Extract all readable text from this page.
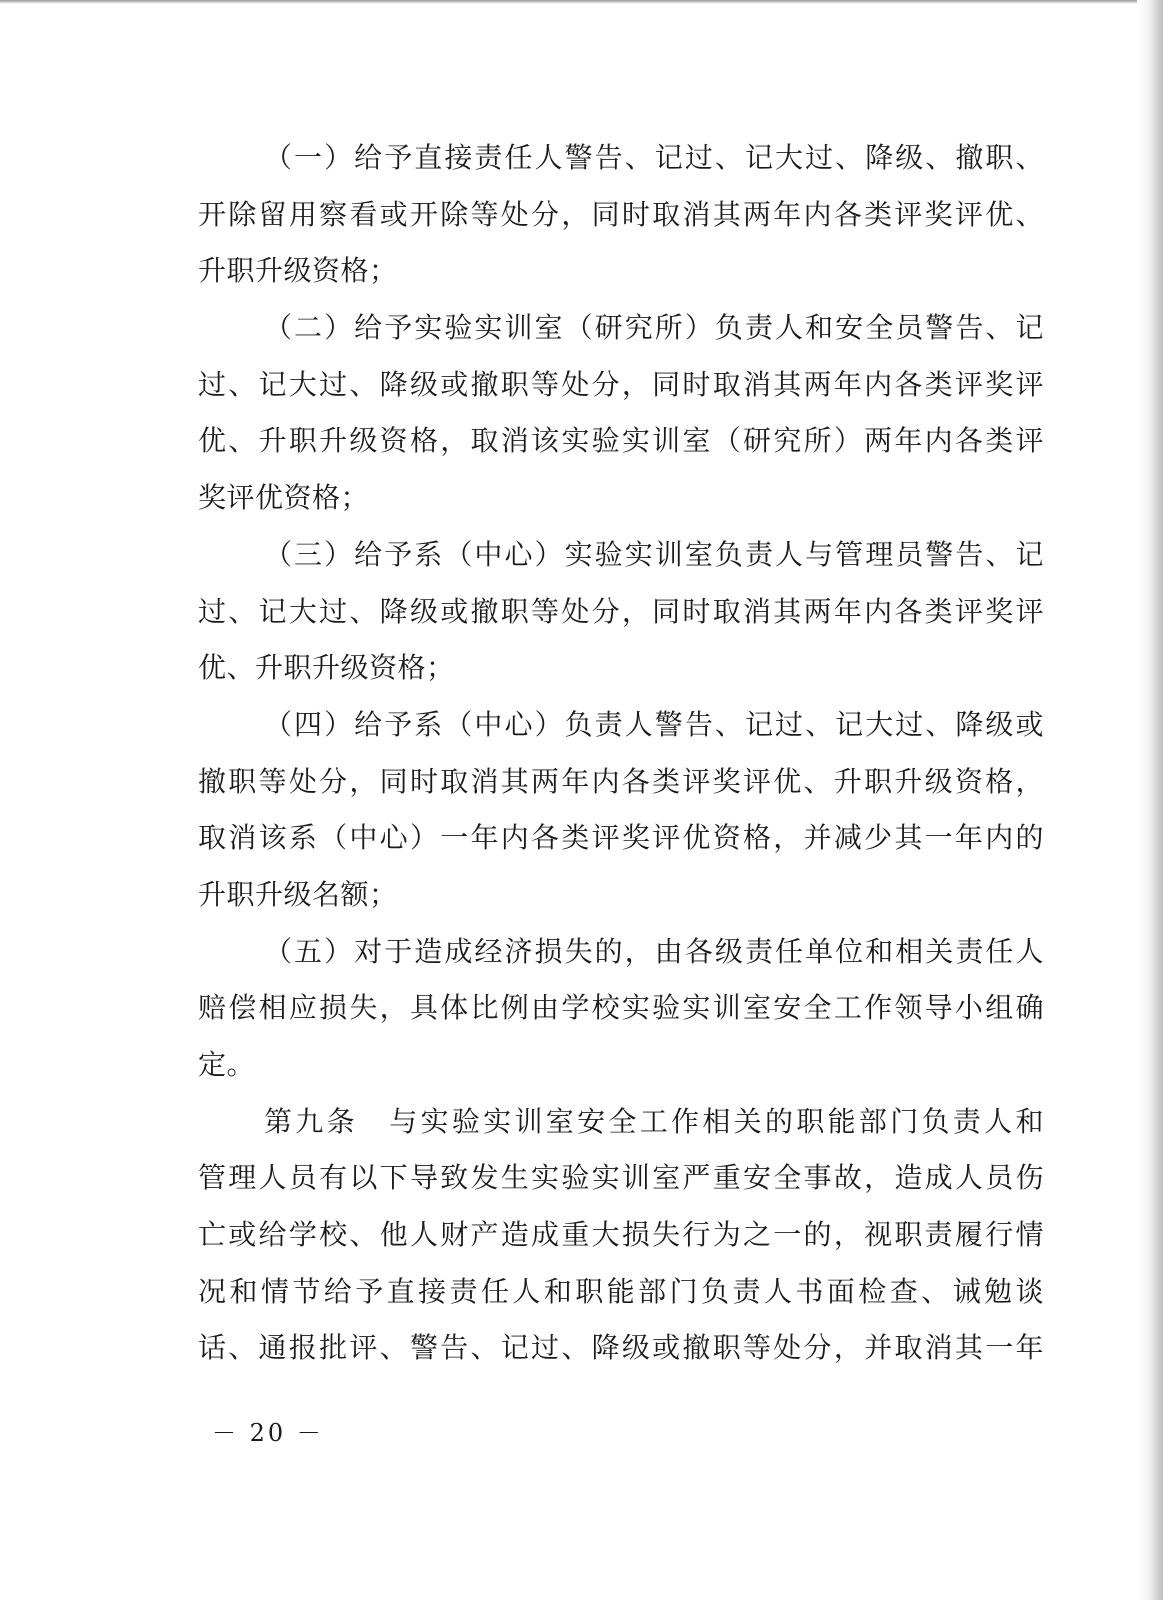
（一）给予直接责任人警告、记过、记大过、降级、撤职、
开除留用察看或开除等处分，同时取消其两年内各类评奖评优、
升职升级资格；
（二）给予实验实训室（研究所）负责人和安全员警告、记
过、记大过、降级或撤职等处分，同时取消其两年内各类评奖评
优、升职升级资格，取消该实验实训室（研究所）两年内各类评
奖评优资格；
（三）给予系（中心）实验实训室负责人与管理员警告、记
过、记大过、降级或撤职等处分，同时取消其两年内各类评奖评
优、升职升级资格；
（四）给予系（中心）负责人警告、记过、记大过、降级或
撤职等处分，同时取消其两年内各类评奖评优、升职升级资格，
取消该系（中心）一年内各类评奖评优资格，并减少其一年内的
升职升级名额；
（五）对于造成经济损失的，由各级责任单位和相关责任人
赔偿相应损失，具体比例由学校实验实训室安全工作领导小组确
定。
第九条　与实验实训室安全工作相关的职能部门负责人和
管理人员有以下导致发生实验实训室严重安全事故，造成人员伤
亡或给学校、他人财产造成重大损失行为之一的，视职责履行情
况和情节给予直接责任人和职能部门负责人书面检查、诫勉谈
话、通报批评、警告、记过、降级或撤职等处分，并取消其一年
－ 20 －
